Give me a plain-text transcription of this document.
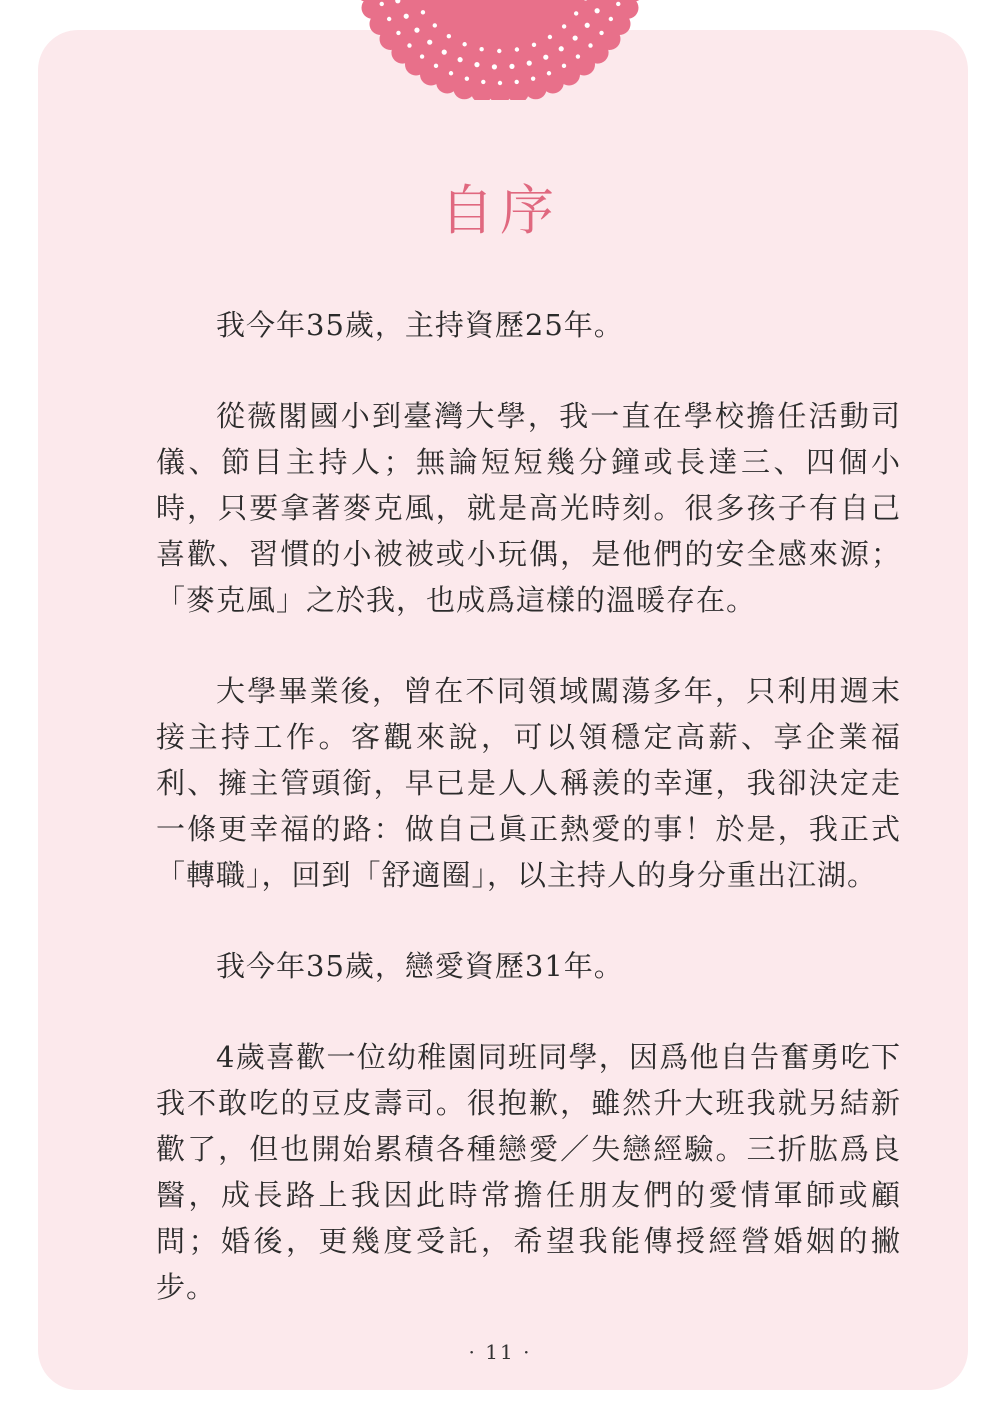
自序

我今年35歲，主持資歷25年。

從薇閣國小到臺灣大學，我一直在學校擔任活動司儀、節目主持人；無論短短幾分鐘或長達三、四個小時，只要拿著麥克風，就是高光時刻。很多孩子有自己喜歡、習慣的小被被或小玩偶，是他們的安全感來源；「麥克風」之於我，也成爲這樣的溫暖存在。

大學畢業後，曾在不同領域闖蕩多年，只利用週末接主持工作。客觀來說，可以領穩定高薪、享企業福利、擁主管頭銜，早已是人人稱羨的幸運，我卻決定走一條更幸福的路：做自己眞正熱愛的事！於是，我正式「轉職」，回到「舒適圈」，以主持人的身分重出江湖。

我今年35歲，戀愛資歷31年。

4歲喜歡一位幼稚園同班同學，因爲他自告奮勇吃下我不敢吃的豆皮壽司。很抱歉，雖然升大班我就另結新歡了，但也開始累積各種戀愛／失戀經驗。三折肱爲良醫，成長路上我因此時常擔任朋友們的愛情軍師或顧問；婚後，更幾度受託，希望我能傳授經營婚姻的撇步。

· 11 ·
